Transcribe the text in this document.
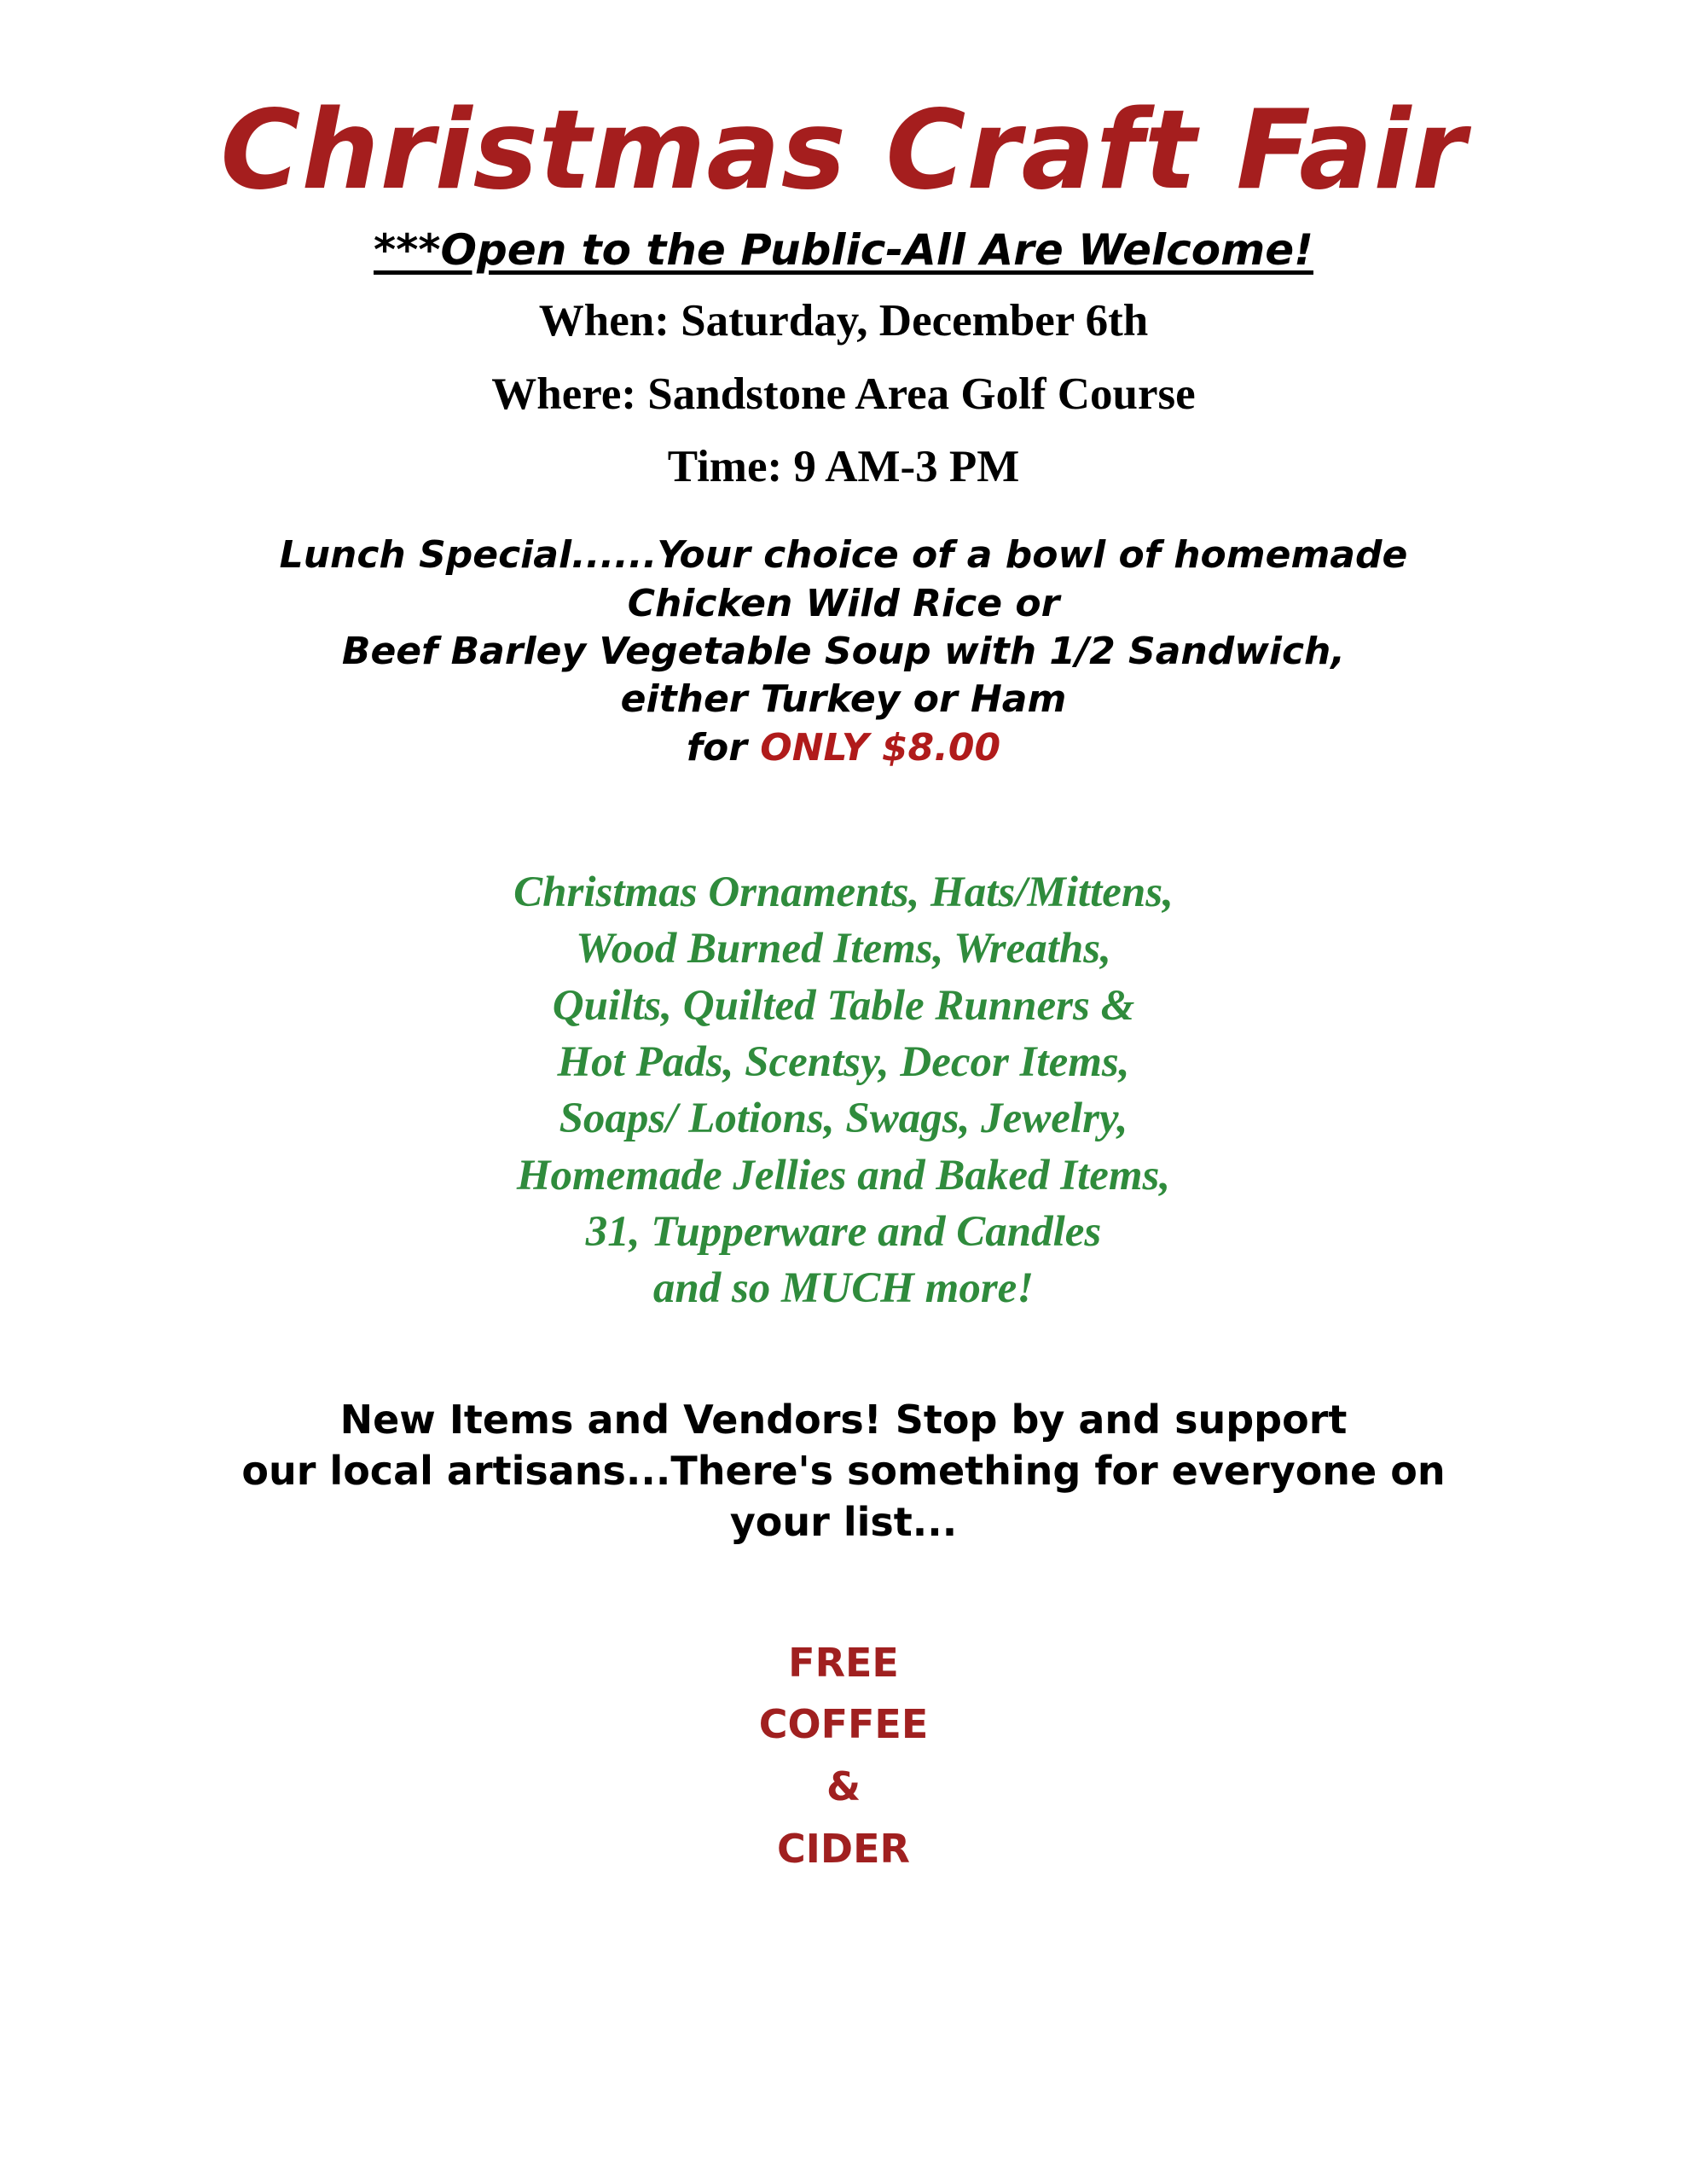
Christmas Craft Fair
***Open to the Public-All Are Welcome!
When: Saturday, December 6th
Where: Sandstone Area Golf Course
Time: 9 AM-3 PM
Lunch Special......Your choice of a bowl of homemade
Chicken Wild Rice or
Beef Barley Vegetable Soup with 1/2 Sandwich,
either Turkey or Ham
for ONLY $8.00
Christmas Ornaments, Hats/Mittens,
Wood Burned Items, Wreaths,
Quilts, Quilted Table Runners &
Hot Pads, Scentsy, Decor Items,
Soaps/ Lotions, Swags, Jewelry,
Homemade Jellies and Baked Items,
31, Tupperware and Candles
and so MUCH more!
New Items and Vendors! Stop by and support
our local artisans...There's something for everyone on
your list...
FREE
COFFEE
&
CIDER
